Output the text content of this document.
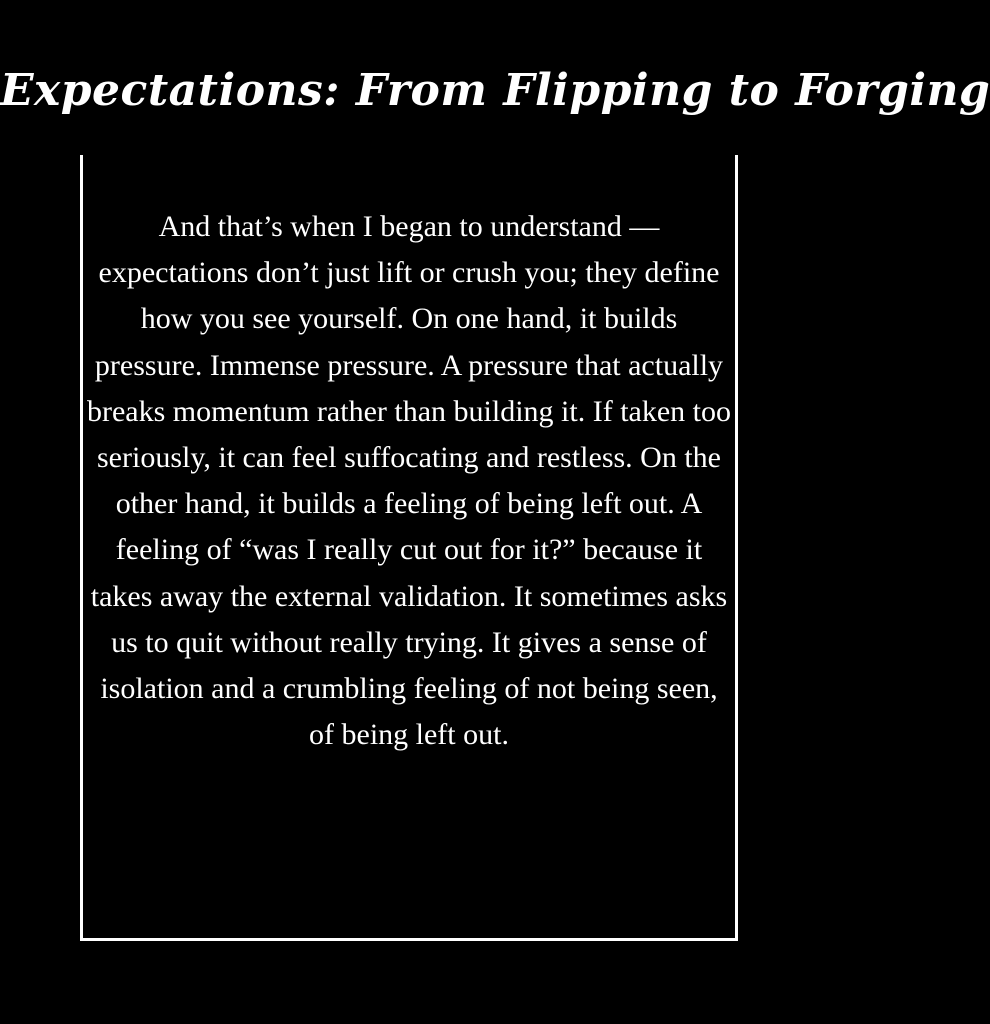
Expectations: From Flipping to Forging

And that’s when I began to understand — expectations don’t just lift or crush you; they define how you see yourself. On one hand, it builds pressure. Immense pressure. A pressure that actually breaks momentum rather than building it. If taken too seriously, it can feel suffocating and restless. On the other hand, it builds a feeling of being left out. A feeling of “was I really cut out for it?” because it takes away the external validation. It sometimes asks us to quit without really trying. It gives a sense of isolation and a crumbling feeling of not being seen, of being left out.
